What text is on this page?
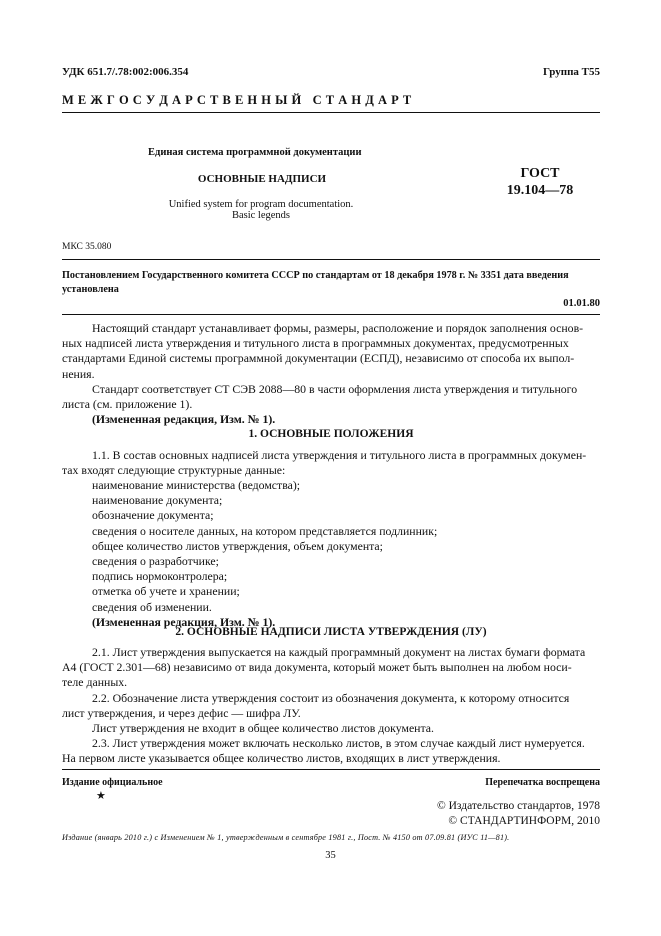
УДК 651.7/.78:002:006.354	Группа Т55
М Е Ж Г О С У Д А Р С Т В Е Н Н Ы Й   С Т А Н Д А Р Т
Единая система программной документации
ОСНОВНЫЕ НАДПИСИ
Unified system for program documentation.
Basic legends
ГОСТ
19.104—78
МКС 35.080
Постановлением Государственного комитета СССР по стандартам от 18 декабря 1978 г. № 3351 дата введения
установлена
01.01.80
Настоящий стандарт устанавливает формы, размеры, расположение и порядок заполнения основ-
ных надписей листа утверждения и титульного листа в программных документах, предусмотренных
стандартами Единой системы программной документации (ЕСПД), независимо от способа их выпол-
нения.
Стандарт соответствует СТ СЭВ 2088—80 в части оформления листа утверждения и титульного
листа (см. приложение 1).
(Измененная редакция, Изм. № 1).
1. ОСНОВНЫЕ ПОЛОЖЕНИЯ
1.1. В состав основных надписей листа утверждения и титульного листа в программных докумен-
тах входят следующие структурные данные:
наименование министерства (ведомства);
наименование документа;
обозначение документа;
сведения о носителе данных, на котором представляется подлинник;
общее количество листов утверждения, объем документа;
сведения о разработчике;
подпись нормоконтролера;
отметка об учете и хранении;
сведения об изменении.
(Измененная редакция, Изм. № 1).
2. ОСНОВНЫЕ НАДПИСИ ЛИСТА УТВЕРЖДЕНИЯ (ЛУ)
2.1. Лист утверждения выпускается на каждый программный документ на листах бумаги формата
А4 (ГОСТ 2.301—68) независимо от вида документа, который может быть выполнен на любом носи-
теле данных.
2.2. Обозначение листа утверждения состоит из обозначения документа, к которому относится
лист утверждения, и через дефис — шифра ЛУ.
Лист утверждения не входит в общее количество листов документа.
2.3. Лист утверждения может включать несколько листов, в этом случае каждый лист нумеруется.
На первом листе указывается общее количество листов, входящих в лист утверждения.
Издание официальное
★
Перепечатка воспрещена
© Издательство стандартов, 1978
© СТАНДАРТИНФОРМ, 2010
Издание (январь 2010 г.) с Изменением № 1, утвержденным в сентябре 1981 г., Пост. № 4150 от 07.09.81 (ИУС 11—81).
35
